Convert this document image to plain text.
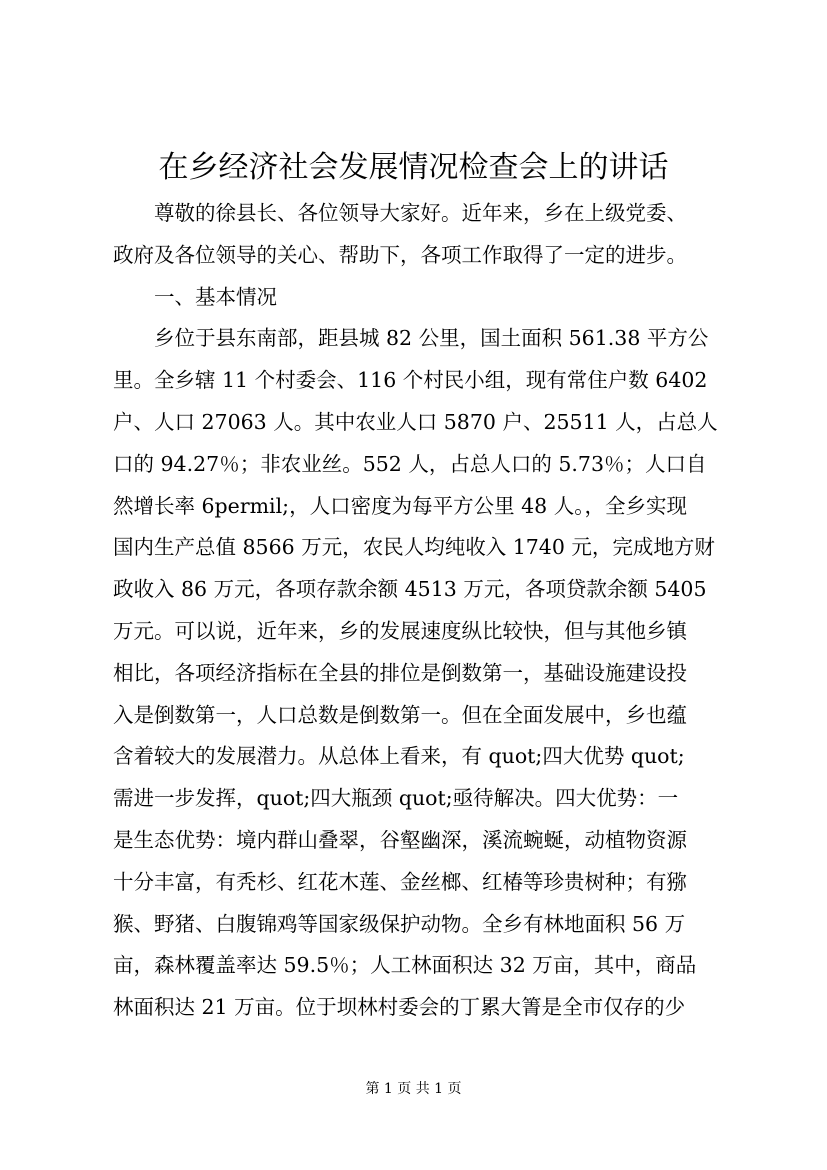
在乡经济社会发展情况检查会上的讲话
尊敬的徐县长、各位领导大家好。近年来，乡在上级党委、
政府及各位领导的关心、帮助下，各项工作取得了一定的进步。
一、基本情况
乡位于县东南部，距县城 82 公里，国土面积 561.38 平方公
里。全乡辖 11 个村委会、116 个村民小组，现有常住户数 6402
户、人口 27063 人。其中农业人口 5870 户、25511 人，占总人
口的 94.27％；非农业丝。552 人，占总人口的 5.73％；人口自
然增长率 6permil;，人口密度为每平方公里 48 人。，全乡实现
国内生产总值 8566 万元，农民人均纯收入 1740 元，完成地方财
政收入 86 万元，各项存款余额 4513 万元，各项贷款余额 5405
万元。可以说，近年来，乡的发展速度纵比较快，但与其他乡镇
相比，各项经济指标在全县的排位是倒数第一，基础设施建设投
入是倒数第一，人口总数是倒数第一。但在全面发展中，乡也蕴
含着较大的发展潜力。从总体上看来，有 quot;四大优势 quot;
需进一步发挥，quot;四大瓶颈 quot;亟待解决。四大优势：一
是生态优势：境内群山叠翠，谷壑幽深，溪流蜿蜒，动植物资源
十分丰富，有秃杉、红花木莲、金丝榔、红椿等珍贵树种；有猕
猴、野猪、白腹锦鸡等国家级保护动物。全乡有林地面积 56 万
亩，森林覆盖率达 59.5％；人工林面积达 32 万亩，其中，商品
林面积达 21 万亩。位于坝林村委会的丁累大箐是全市仅存的少
第 1 页 共 1 页
